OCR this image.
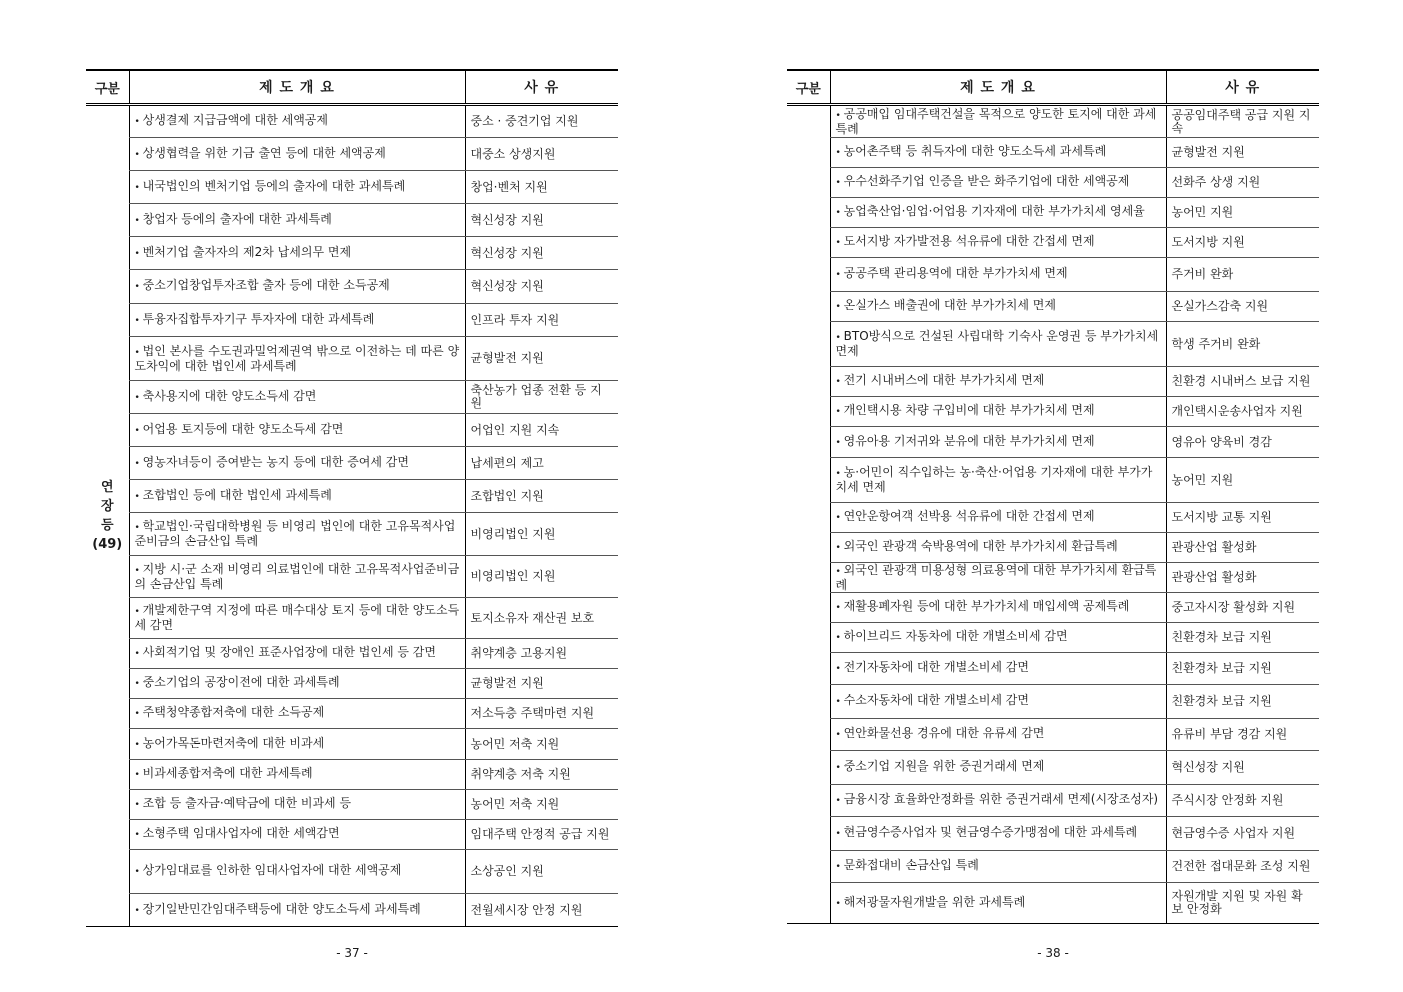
구분	제 도 개 요	사 유

연
장
등
(49)	• 상생결제 지급금액에 대한 세액공제	중소 · 중견기업 지원

	• 상생협력을 위한 기금 출연 등에 대한 세액공제	대중소 상생지원

	• 내국법인의 벤처기업 등에의 출자에 대한 과세특례	창업·벤처 지원

	• 창업자 등에의 출자에 대한 과세특례	혁신성장 지원

	• 벤처기업 출자자의 제2차 납세의무 면제	혁신성장 지원

	• 중소기업창업투자조합 출자 등에 대한 소득공제	혁신성장 지원

	• 투융자집합투자기구 투자자에 대한 과세특례	인프라 투자 지원

	• 법인 본사를 수도권과밀억제권역 밖으로 이전하는 데 따른 양도차익에 대한 법인세 과세특례	균형발전 지원

	• 축사용지에 대한 양도소득세 감면	축산농가 업종 전환 등 지원

	• 어업용 토지등에 대한 양도소득세 감면	어업인 지원 지속

	• 영농자녀등이 증여받는 농지 등에 대한 증여세 감면	납세편의 제고

	• 조합법인 등에 대한 법인세 과세특례	조합법인 지원

	• 학교법인·국립대학병원 등 비영리 법인에 대한 고유목적사업준비금의 손금산입 특례	비영리법인 지원

	• 지방 시·군 소재 비영리 의료법인에 대한 고유목적사업준비금의 손금산입 특례	비영리법인 지원

	• 개발제한구역 지정에 따른 매수대상 토지 등에 대한 양도소득세 감면	토지소유자 재산권 보호

	• 사회적기업 및 장애인 표준사업장에 대한 법인세 등 감면	취약계층 고용지원

	• 중소기업의 공장이전에 대한 과세특례	균형발전 지원

	• 주택청약종합저축에 대한 소득공제	저소득층 주택마련 지원

	• 농어가목돈마련저축에 대한 비과세	농어민 저축 지원

	• 비과세종합저축에 대한 과세특례	취약계층 저축 지원

	• 조합 등 출자금·예탁금에 대한 비과세 등	농어민 저축 지원

	• 소형주택 임대사업자에 대한 세액감면	임대주택 안정적 공급 지원

	• 상가임대료를 인하한 임대사업자에 대한 세액공제	소상공인 지원

	• 장기일반민간임대주택등에 대한 양도소득세 과세특례	전월세시장 안정 지원
- 37 -
구분	제 도 개 요	사 유

	• 공공매입 임대주택건설을 목적으로 양도한 토지에 대한 과세특례	공공임대주택 공급 지원 지속

	• 농어촌주택 등 취득자에 대한 양도소득세 과세특례	균형발전 지원

	• 우수선화주기업 인증을 받은 화주기업에 대한 세액공제	선화주 상생 지원

	• 농업축산업·임업·어업용 기자재에 대한 부가가치세 영세율	농어민 지원

	• 도서지방 자가발전용 석유류에 대한 간접세 면제	도서지방 지원

	• 공공주택 관리용역에 대한 부가가치세 면제	주거비 완화

	• 온실가스 배출권에 대한 부가가치세 면제	온실가스감축 지원

	• BTO방식으로 건설된 사립대학 기숙사 운영권 등 부가가치세 면제	학생 주거비 완화

	• 전기 시내버스에 대한 부가가치세 면제	친환경 시내버스 보급 지원

	• 개인택시용 차량 구입비에 대한 부가가치세 면제	개인택시운송사업자 지원

	• 영유아용 기저귀와 분유에 대한 부가가치세 면제	영유아 양육비 경감

	• 농·어민이 직수입하는 농·축산·어업용 기자재에 대한 부가가치세 면제	농어민 지원

	• 연안운항여객 선박용 석유류에 대한 간접세 면제	도서지방 교통 지원

	• 외국인 관광객 숙박용역에 대한 부가가치세 환급특례	관광산업 활성화

	• 외국인 관광객 미용성형 의료용역에 대한 부가가치세 환급특례	관광산업 활성화

	• 재활용폐자원 등에 대한 부가가치세 매입세액 공제특례	중고자시장 활성화 지원

	• 하이브리드 자동차에 대한 개별소비세 감면	친환경차 보급 지원

	• 전기자동차에 대한 개별소비세 감면	친환경차 보급 지원

	• 수소자동차에 대한 개별소비세 감면	친환경차 보급 지원

	• 연안화물선용 경유에 대한 유류세 감면	유류비 부담 경감 지원

	• 중소기업 지원을 위한 증권거래세 면제	혁신성장 지원

	• 금융시장 효율화안정화를 위한 증권거래세 면제(시장조성자)	주식시장 안정화 지원

	• 현금영수증사업자 및 현금영수증가맹점에 대한 과세특례	현금영수증 사업자 지원

	• 문화접대비 손금산입 특례	건전한 접대문화 조성 지원

	• 해저광물자원개발을 위한 과세특례	자원개발 지원 및 자원 확보 안정화
- 38 -
